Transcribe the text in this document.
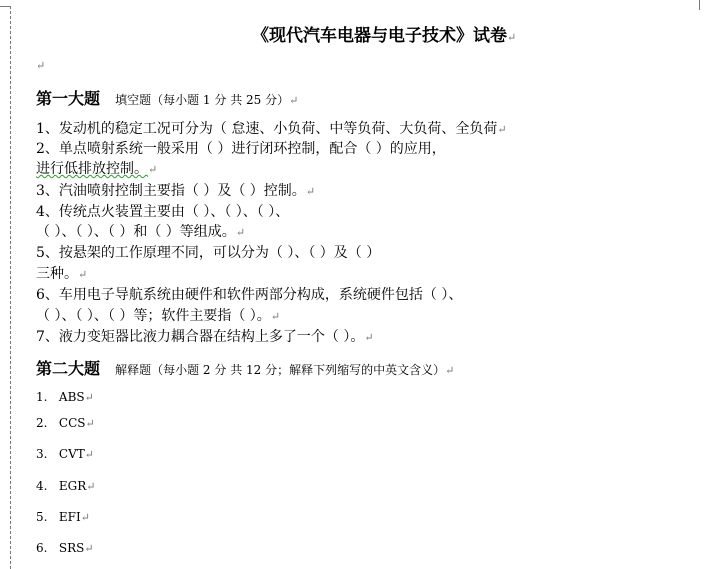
《现代汽车电器与电子技术》试卷↵
↵
第一大题 填空题（每小题 1 分 共 25 分）↵
1、发动机的稳定工况可分为（ 怠速、小负荷、中等负荷、大负荷、全负荷↵
2、单点喷射系统一般采用（ ）进行闭环控制，配合（ ）的应用，
进行低排放控制。↵
3、汽油喷射控制主要指（ ）及（ ）控制。↵
4、传统点火装置主要由（ ）、（ ）、（ ）、
（ ）、（ ）、（ ）和（ ）等组成。↵
5、按悬架的工作原理不同，可以分为（ ）、（ ）及（ ）
三种。↵
6、车用电子导航系统由硬件和软件两部分构成，系统硬件包括（ ）、
（ ）、（ ）、（ ）等；软件主要指（ ）。↵
7、液力变矩器比液力耦合器在结构上多了一个（ ）。↵
第二大题 解释题（每小题 2 分 共 12 分；解释下列缩写的中英文含义）↵
1. ABS↵
2. CCS↵
3. CVT↵
4. EGR↵
5. EFI↵
6. SRS↵
